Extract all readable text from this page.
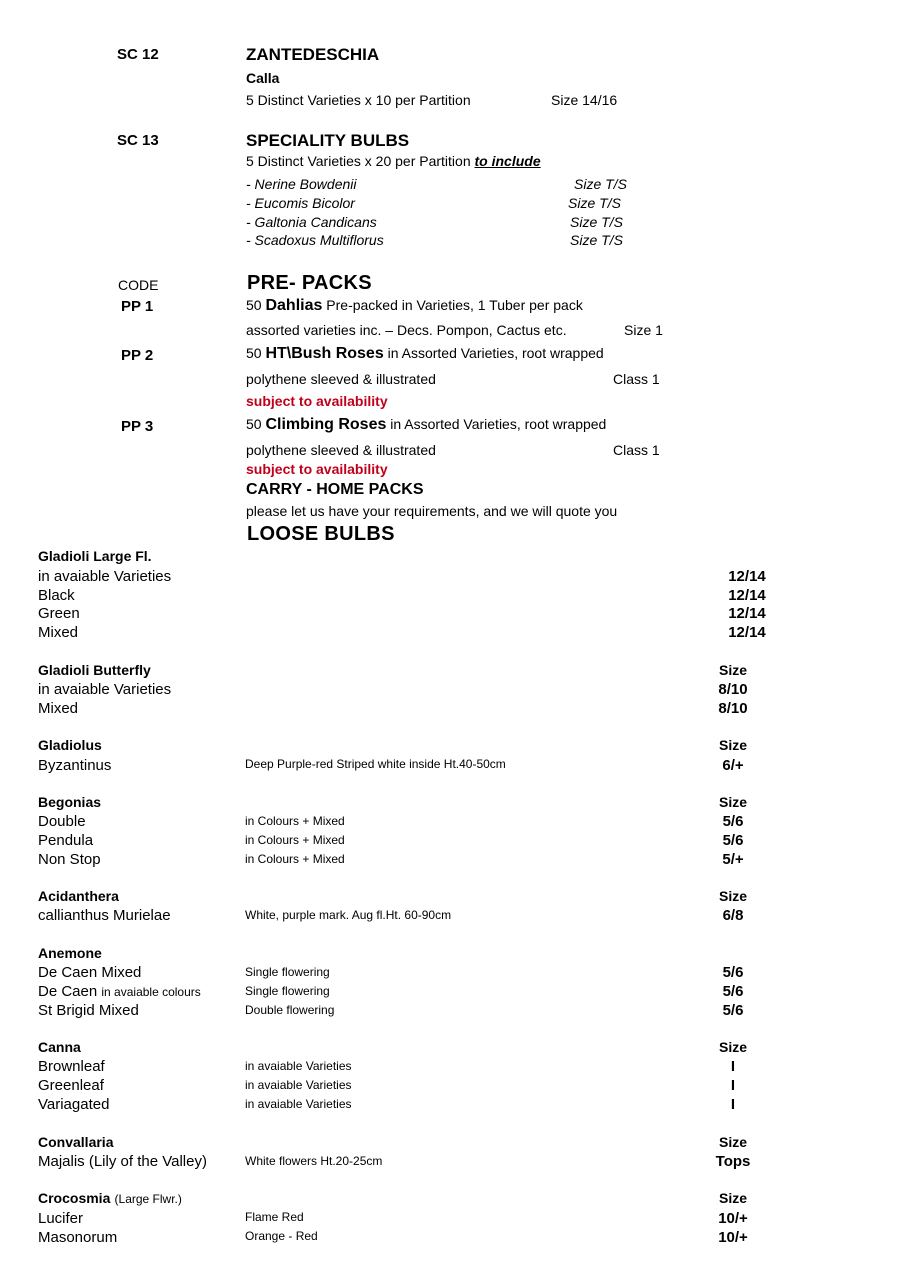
SC 12	ZANTEDESCHIA
Calla
5 Distinct Varieties x 10 per Partition	Size 14/16
SC 13	SPECIALITY BULBS
5 Distinct Varieties x 20 per Partition to include
- Nerine Bowdenii	Size T/S
- Eucomis Bicolor	Size T/S
- Galtonia Candicans	Size T/S
- Scadoxus Multiflorus	Size T/S
CODE	PRE- PACKS
PP 1	50 Dahlias Pre-packed in Varieties, 1 Tuber per pack
assorted varieties inc. – Decs. Pompon, Cactus etc.	Size 1
PP 2	50 HT\Bush Roses in Assorted Varieties, root wrapped
polythene sleeved & illustrated	Class 1
subject to availability
PP 3	50 Climbing Roses in Assorted Varieties, root wrapped
polythene sleeved & illustrated	Class 1
subject to availability
CARRY - HOME PACKS
please let us have your requirements, and we will quote you
LOOSE BULBS
Gladioli Large Fl.
in avaiable Varieties	12/14
Black	12/14
Green	12/14
Mixed	12/14
Gladioli Butterfly	Size
in avaiable Varieties	8/10
Mixed	8/10
Gladiolus	Size
Byzantinus	Deep Purple-red Striped white inside Ht.40-50cm	6/+
Begonias	Size
Double	in Colours + Mixed	5/6
Pendula	in Colours + Mixed	5/6
Non Stop	in Colours + Mixed	5/+
Acidanthera	Size
callianthus Murielae	White, purple mark. Aug fl.Ht. 60-90cm	6/8
Anemone
De Caen Mixed	Single flowering	5/6
De Caen in avaiable colours	Single flowering	5/6
St Brigid Mixed	Double flowering	5/6
Canna	Size
Brownleaf	in avaiable Varieties	I
Greenleaf	in avaiable Varieties	I
Variagated	in avaiable Varieties	I
Convallaria	Size
Majalis (Lily of the Valley)	White flowers Ht.20-25cm	Tops
Crocosmia (Large Flwr.)	Size
Lucifer	Flame Red	10/+
Masonorum	Orange - Red	10/+
